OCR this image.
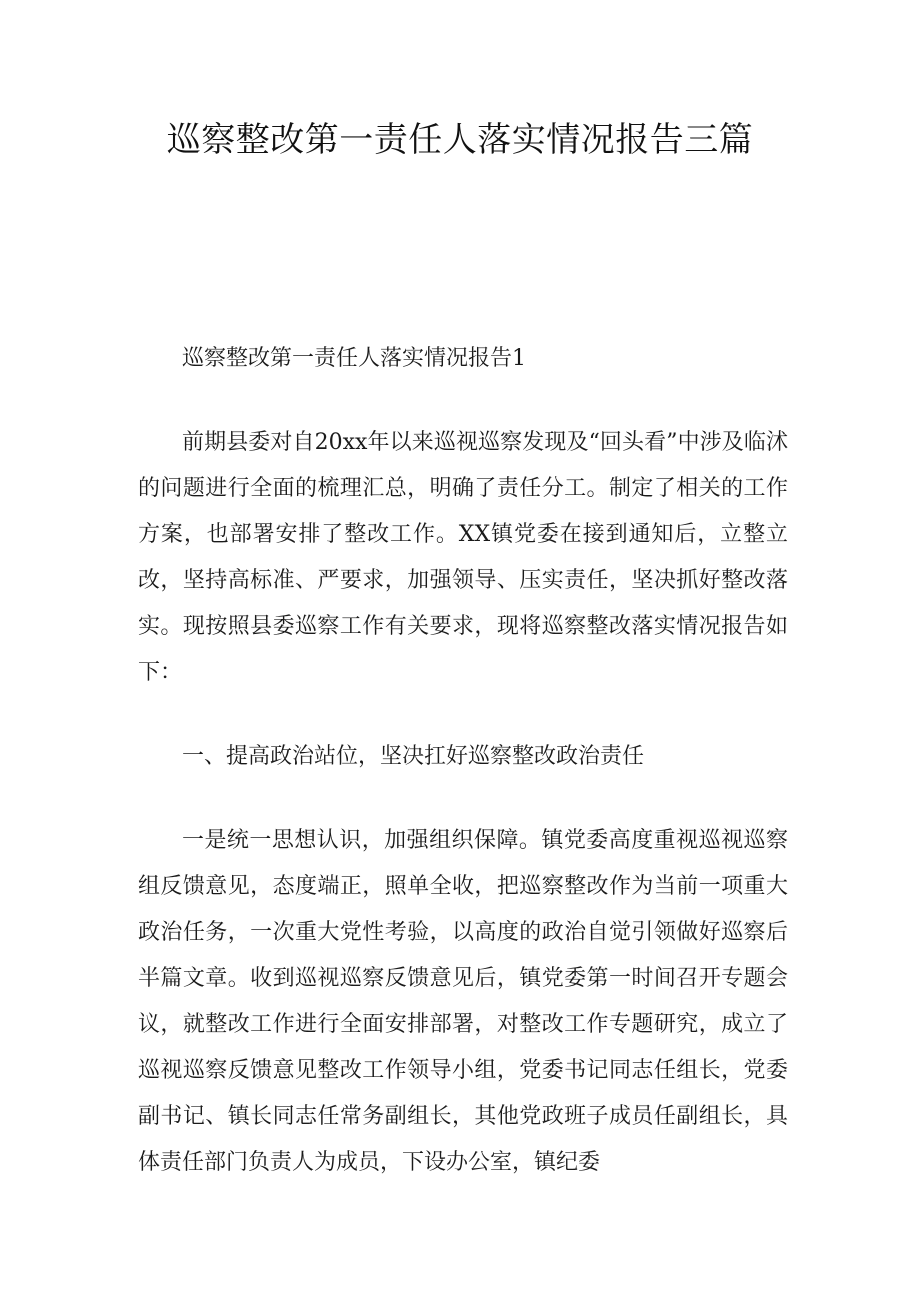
巡察整改第一责任人落实情况报告三篇

巡察整改第一责任人落实情况报告1

前期县委对自20xx年以来巡视巡察发现及“回头看”中涉及临沭的问题进行全面的梳理汇总，明确了责任分工。制定了相关的工作方案，也部署安排了整改工作。XX镇党委在接到通知后，立整立改，坚持高标准、严要求，加强领导、压实责任，坚决抓好整改落实。现按照县委巡察工作有关要求，现将巡察整改落实情况报告如下：

一、提高政治站位，坚决扛好巡察整改政治责任

一是统一思想认识，加强组织保障。镇党委高度重视巡视巡察组反馈意见，态度端正，照单全收，把巡察整改作为当前一项重大政治任务，一次重大党性考验，以高度的政治自觉引领做好巡察后半篇文章。收到巡视巡察反馈意见后，镇党委第一时间召开专题会议，就整改工作进行全面安排部署，对整改工作专题研究，成立了巡视巡察反馈意见整改工作领导小组，党委书记同志任组长，党委副书记、镇长同志任常务副组长，其他党政班子成员任副组长，具体责任部门负责人为成员，下设办公室，镇纪委
